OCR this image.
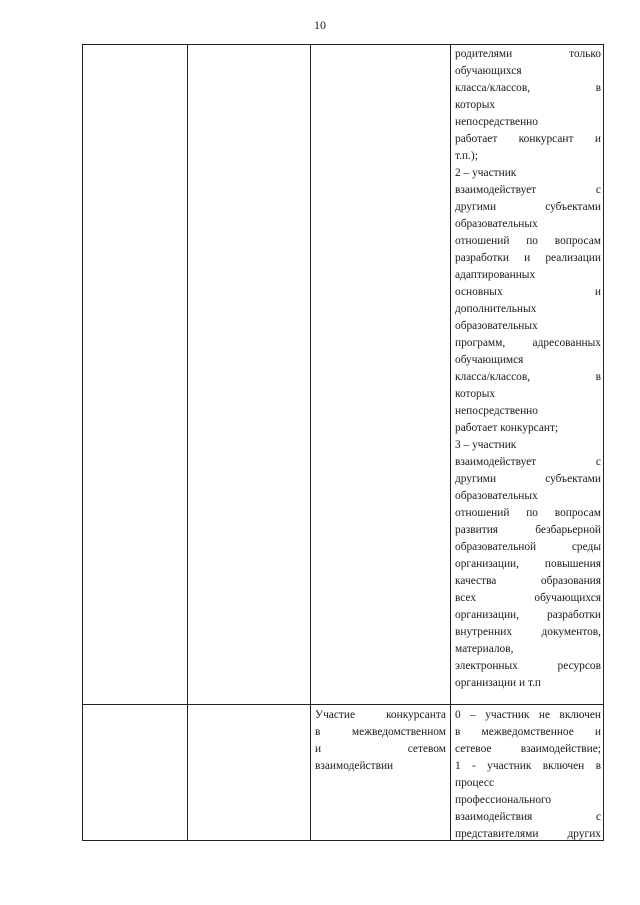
10
родителями только
обучающихся
класса/классов, в
которых
непосредственно
работает конкурсант и
т.п.);
2 – участник
взаимодействует с
другими субъектами
образовательных
отношений по вопросам
разработки и реализации
адаптированных
основных и
дополнительных
образовательных
программ, адресованных
обучающимся
класса/классов, в
которых
непосредственно
работает конкурсант;
3 – участник
взаимодействует с
другими субъектами
образовательных
отношений по вопросам
развития безбарьерной
образовательной среды
организации, повышения
качества образования
всех обучающихся
организации, разработки
внутренних документов,
материалов,
электронных ресурсов
организации и т.п
Участие конкурсанта
в межведомственном
и сетевом
взаимодействии
0 – участник не включен
в межведомственное и
сетевое взаимодействие;
1 - участник включен в
процесс
профессионального
взаимодействия с
представителями других
